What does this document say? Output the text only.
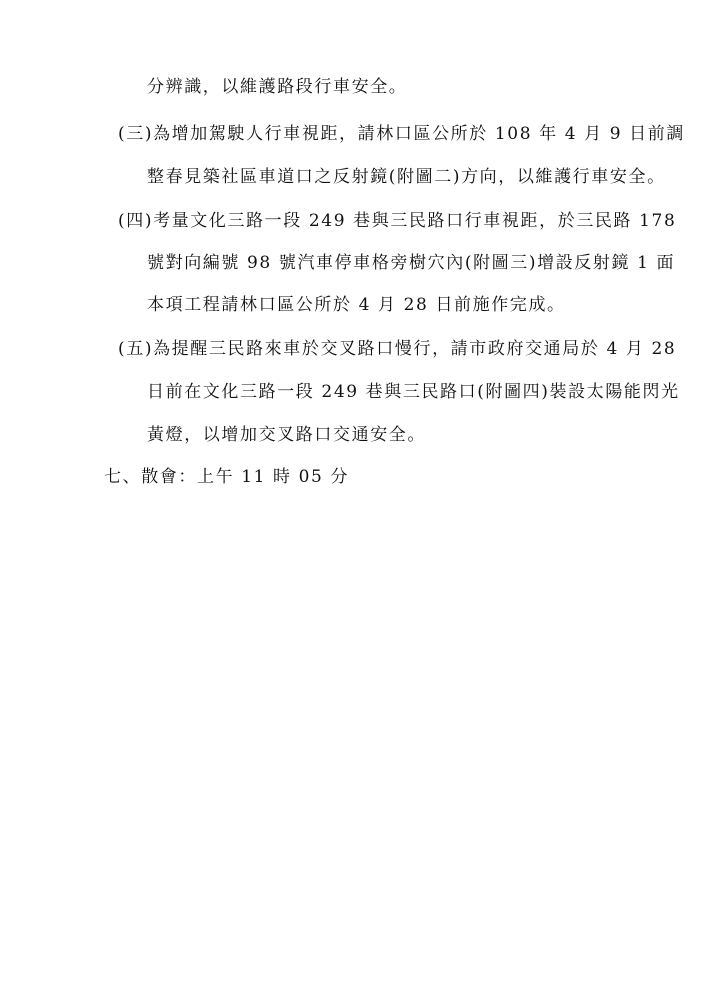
分辨識，以維護路段行車安全。
(三)為增加駕駛人行車視距，請林口區公所於 108 年 4 月 9 日前調
整春見築社區車道口之反射鏡(附圖二)方向，以維護行車安全。
(四)考量文化三路一段 249 巷與三民路口行車視距，於三民路 178
號對向編號 98 號汽車停車格旁樹穴內(附圖三)增設反射鏡 1 面
本項工程請林口區公所於 4 月 28 日前施作完成。
(五)為提醒三民路來車於交叉路口慢行，請市政府交通局於 4 月 28
日前在文化三路一段 249 巷與三民路口(附圖四)裝設太陽能閃光
黃燈，以增加交叉路口交通安全。
七、散會：上午 11 時 05 分
